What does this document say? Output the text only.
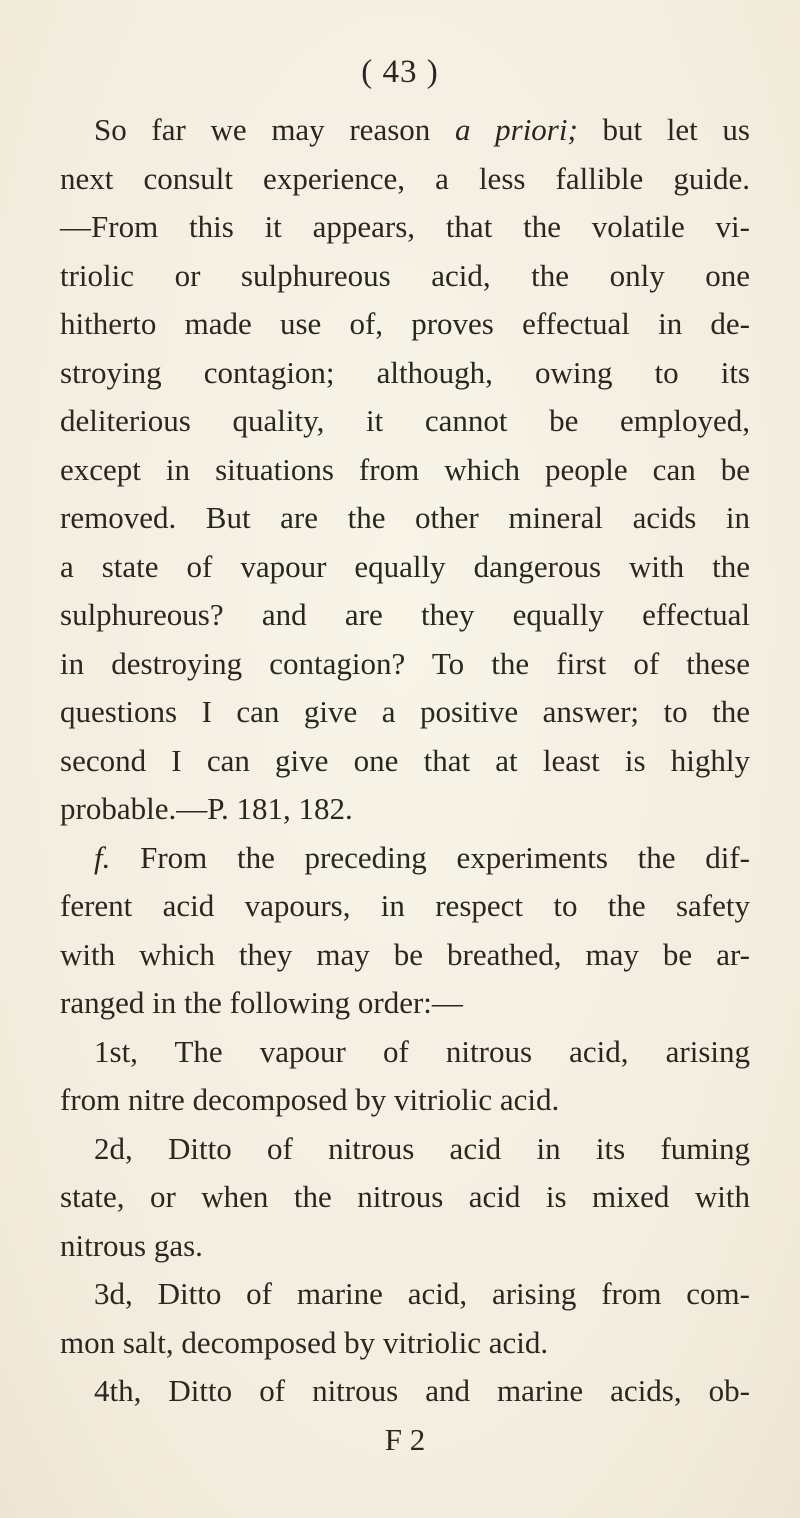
( 43 )
So far we may reason a priori; but let us
next consult experience, a less fallible guide.
—From this it appears, that the volatile vi-
triolic or sulphureous acid, the only one
hitherto made use of, proves effectual in de-
stroying contagion; although, owing to its
deliterious quality, it cannot be employed,
except in situations from which people can be
removed. But are the other mineral acids in
a state of vapour equally dangerous with the
sulphureous? and are they equally effectual
in destroying contagion? To the first of these
questions I can give a positive answer; to the
second I can give one that at least is highly
probable.—P. 181, 182.
f. From the preceding experiments the dif-
ferent acid vapours, in respect to the safety
with which they may be breathed, may be ar-
ranged in the following order:—
1st, The vapour of nitrous acid, arising
from nitre decomposed by vitriolic acid.
2d, Ditto of nitrous acid in its fuming
state, or when the nitrous acid is mixed with
nitrous gas.
3d, Ditto of marine acid, arising from com-
mon salt, decomposed by vitriolic acid.
4th, Ditto of nitrous and marine acids, ob-
F 2
